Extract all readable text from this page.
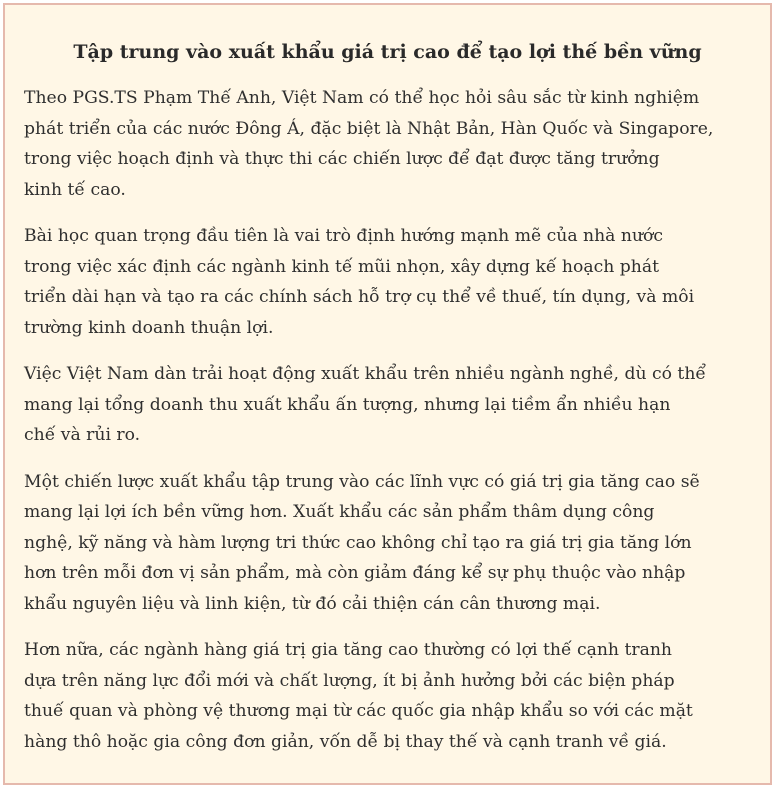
Tập trung vào xuất khẩu giá trị cao để tạo lợi thế bền vững

Theo PGS.TS Phạm Thế Anh, Việt Nam có thể học hỏi sâu sắc từ kinh nghiệm
phát triển của các nước Đông Á, đặc biệt là Nhật Bản, Hàn Quốc và Singapore,
trong việc hoạch định và thực thi các chiến lược để đạt được tăng trưởng
kinh tế cao.

Bài học quan trọng đầu tiên là vai trò định hướng mạnh mẽ của nhà nước
trong việc xác định các ngành kinh tế mũi nhọn, xây dựng kế hoạch phát
triển dài hạn và tạo ra các chính sách hỗ trợ cụ thể về thuế, tín dụng, và môi
trường kinh doanh thuận lợi.

Việc Việt Nam dàn trải hoạt động xuất khẩu trên nhiều ngành nghề, dù có thể
mang lại tổng doanh thu xuất khẩu ấn tượng, nhưng lại tiềm ẩn nhiều hạn
chế và rủi ro.

Một chiến lược xuất khẩu tập trung vào các lĩnh vực có giá trị gia tăng cao sẽ
mang lại lợi ích bền vững hơn. Xuất khẩu các sản phẩm thâm dụng công
nghệ, kỹ năng và hàm lượng tri thức cao không chỉ tạo ra giá trị gia tăng lớn
hơn trên mỗi đơn vị sản phẩm, mà còn giảm đáng kể sự phụ thuộc vào nhập
khẩu nguyên liệu và linh kiện, từ đó cải thiện cán cân thương mại.

Hơn nữa, các ngành hàng giá trị gia tăng cao thường có lợi thế cạnh tranh
dựa trên năng lực đổi mới và chất lượng, ít bị ảnh hưởng bởi các biện pháp
thuế quan và phòng vệ thương mại từ các quốc gia nhập khẩu so với các mặt
hàng thô hoặc gia công đơn giản, vốn dễ bị thay thế và cạnh tranh về giá.
